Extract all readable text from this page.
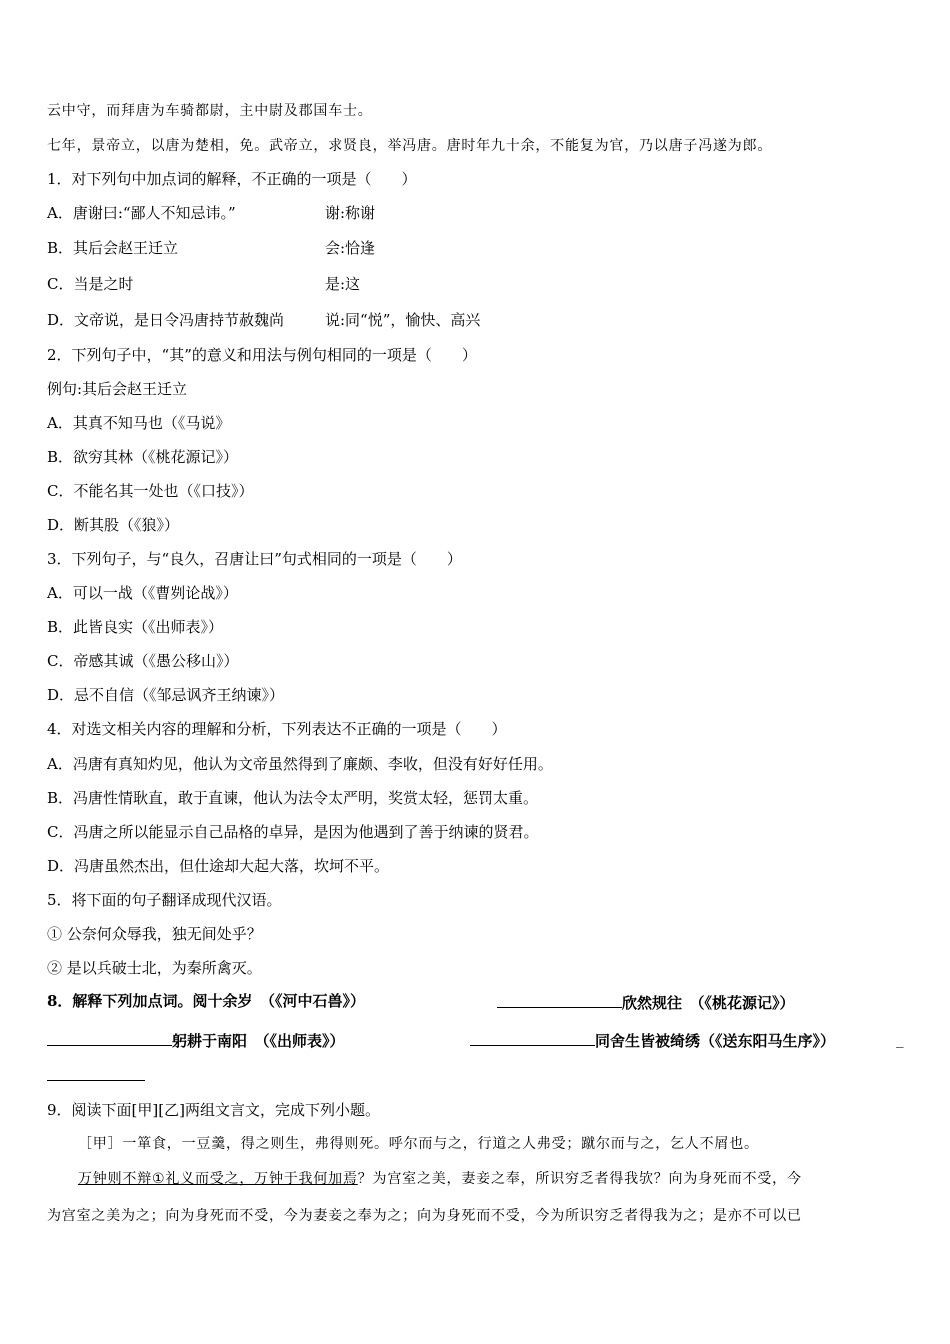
云中守，而拜唐为车骑都尉，主中尉及郡国车士。
七年，景帝立，以唐为楚相，免。武帝立，求贤良，举冯唐。唐时年九十余，不能复为官，乃以唐子冯遂为郎。
1．对下列句中加点词的解释，不正确的一项是（　　）
A．唐谢曰:“鄙人不知忌讳。”	谢:称谢
B．其后会赵王迁立	会:恰逢
C．当是之时	是:这
D．文帝说，是日令冯唐持节赦魏尚	说:同“悦”，愉快、高兴
2．下列句子中，“其”的意义和用法与例句相同的一项是（　　）
例句:其后会赵王迁立
A．其真不知马也（《马说》
B．欲穷其林（《桃花源记》）
C．不能名其一处也（《口技》）
D．断其股（《狼》）
3．下列句子，与“良久，召唐让曰”句式相同的一项是（　　）
A．可以一战（《曹刿论战》）
B．此皆良实（《出师表》）
C．帝感其诚（《愚公移山》）
D．忌不自信（《邹忌讽齐王纳谏》）
4．对选文相关内容的理解和分析，下列表达不正确的一项是（　　）
A．冯唐有真知灼见，他认为文帝虽然得到了廉颇、李收，但没有好好任用。
B．冯唐性情耿直，敢于直谏，他认为法令太严明，奖赏太轻，惩罚太重。
C．冯唐之所以能显示自己品格的卓异，是因为他遇到了善于纳谏的贤君。
D．冯唐虽然杰出，但仕途却大起大落，坎坷不平。
5．将下面的句子翻译成现代汉语。
① 公奈何众辱我，独无间处乎？
② 是以兵破士北，为秦所禽灭。
8．解释下列加点词。阅十余岁　（《河中石兽》）	欣然规往　（《桃花源记》）
躬耕于南阳　（《出师表》）	同舍生皆被绮绣（《送东阳马生序》）	_
9．阅读下面[甲][乙]两组文言文，完成下列小题。
［甲］一箪食，一豆羹，得之则生，弗得则死。呼尔而与之，行道之人弗受；蹴尔而与之，乞人不屑也。
万钟则不辩①礼义而受之，万钟于我何加焉？为宫室之美，妻妾之奉，所识穷乏者得我欤？向为身死而不受，今
为宫室之美为之；向为身死而不受，今为妻妾之奉为之；向为身死而不受，今为所识穷乏者得我为之；是亦不可以已
